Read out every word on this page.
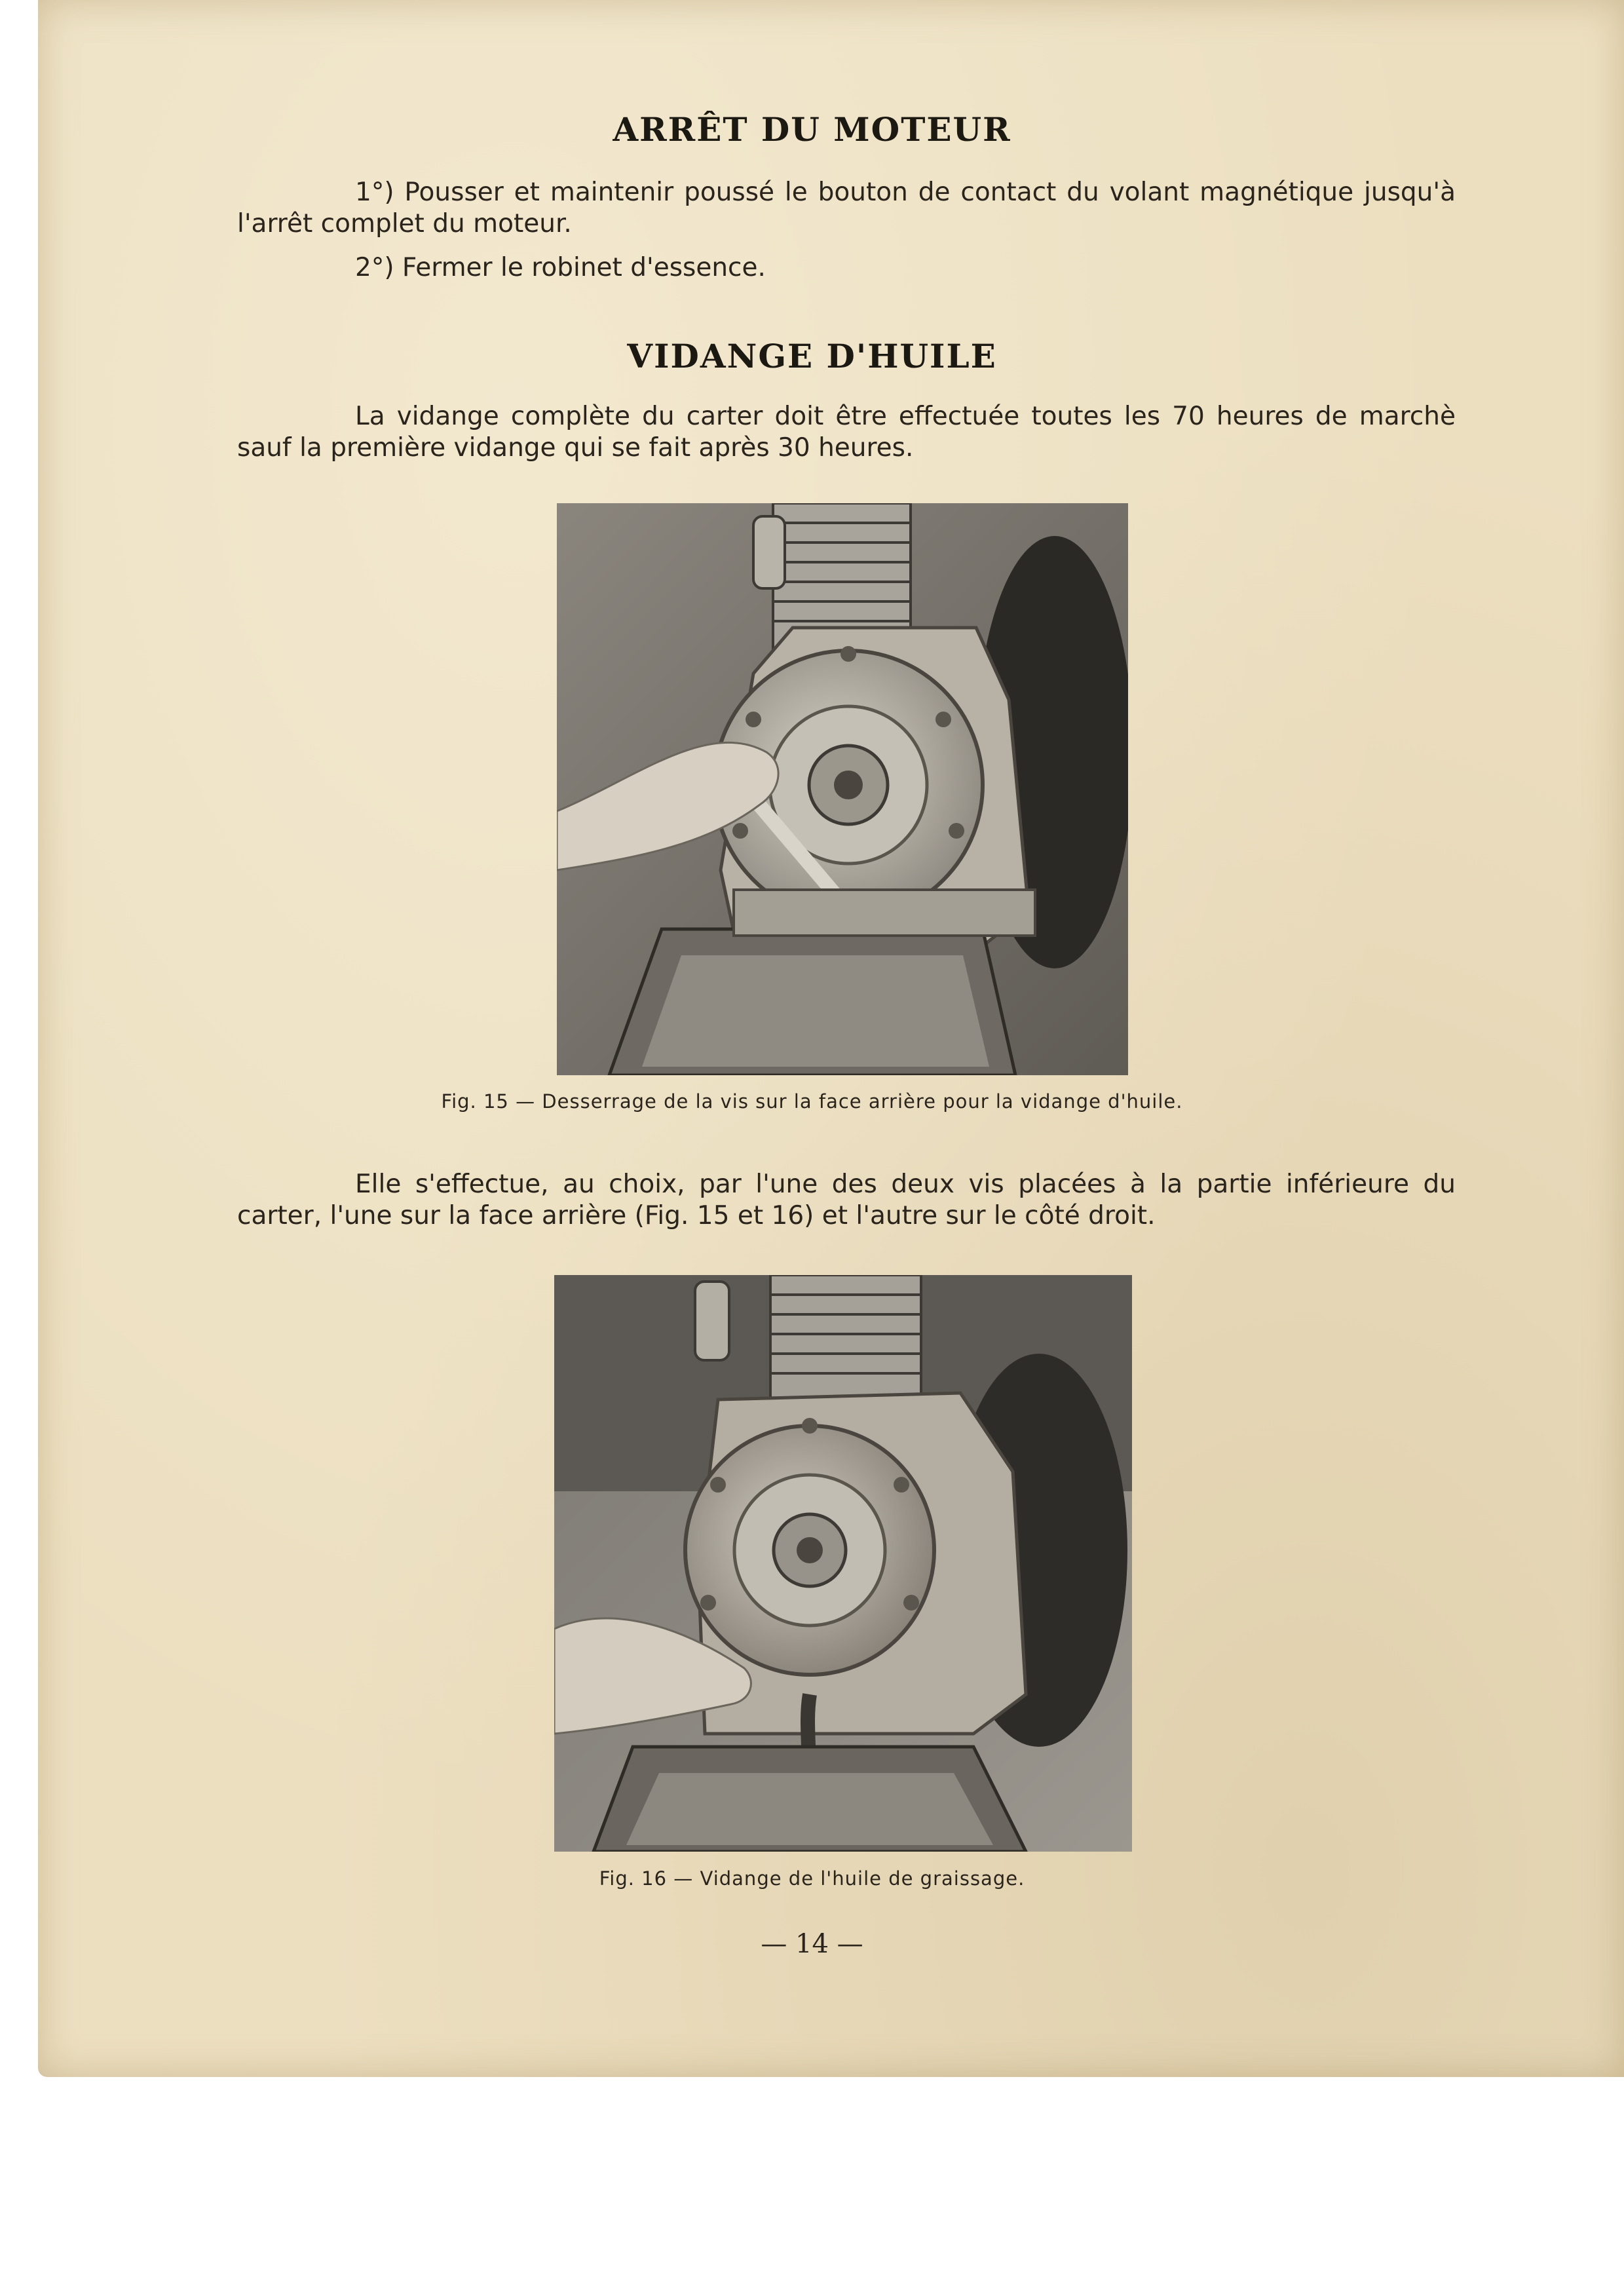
ARRÊT DU MOTEUR

1°) Pousser et maintenir poussé le bouton de contact du volant magnétique jusqu'à l'arrêt complet du moteur.

2°) Fermer le robinet d'essence.

VIDANGE D'HUILE

La vidange complète du carter doit être effectuée toutes les 70 heures de marchè sauf la première vidange qui se fait après 30 heures.

Fig. 15 — Desserrage de la vis sur la face arrière pour la vidange d'huile.

Elle s'effectue, au choix, par l'une des deux vis placées à la partie inférieure du carter, l'une sur la face arrière (Fig. 15 et 16) et l'autre sur le côté droit.

Fig. 16 — Vidange de l'huile de graissage.

— 14 —
